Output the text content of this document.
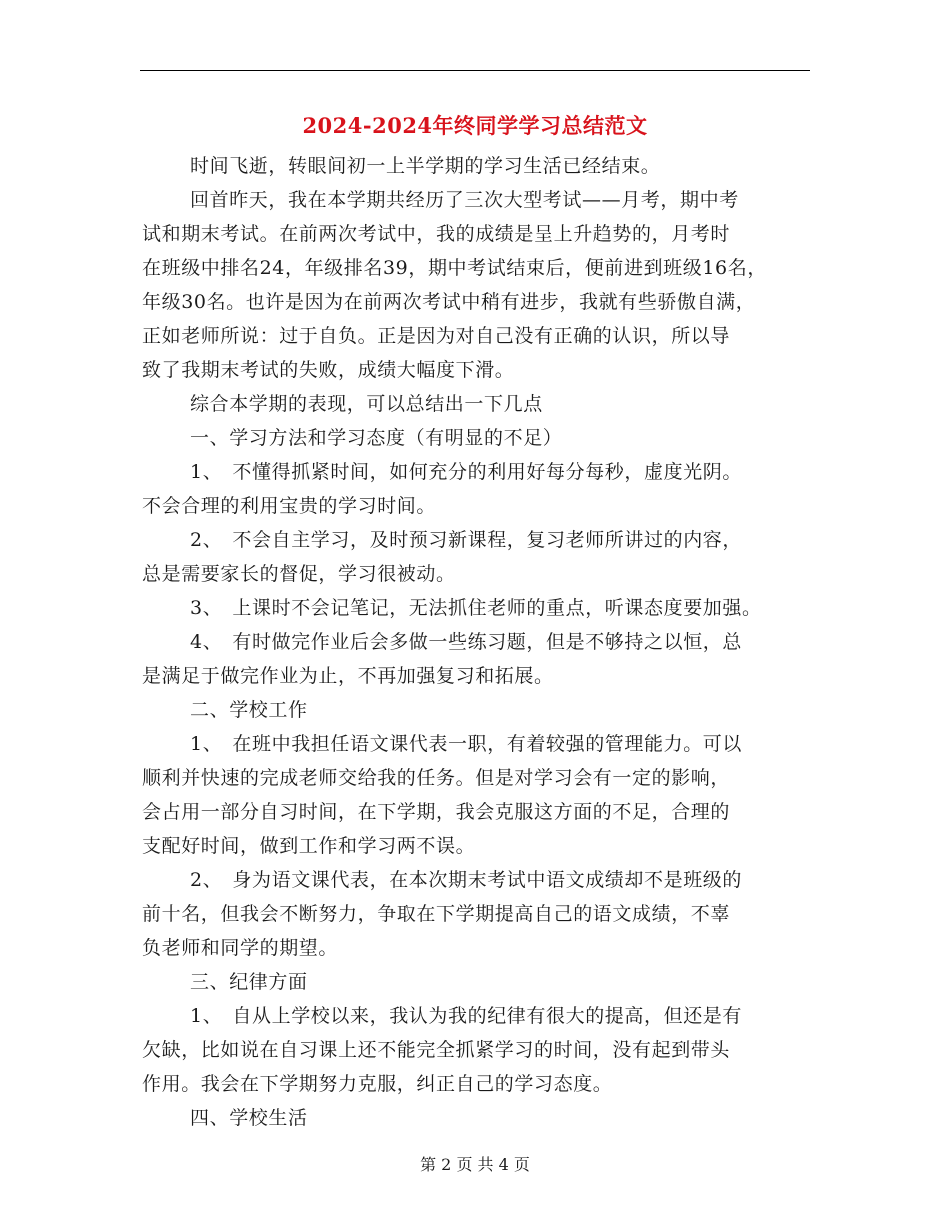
2024-2024年终同学学习总结范文
时间飞逝，转眼间初一上半学期的学习生活已经结束。
回首昨天，我在本学期共经历了三次大型考试——月考，期中考
试和期末考试。在前两次考试中，我的成绩是呈上升趋势的，月考时
在班级中排名24，年级排名39，期中考试结束后，便前进到班级16名，
年级30名。也许是因为在前两次考试中稍有进步，我就有些骄傲自满，
正如老师所说：过于自负。正是因为对自己没有正确的认识，所以导
致了我期末考试的失败，成绩大幅度下滑。
综合本学期的表现，可以总结出一下几点
一、学习方法和学习态度（有明显的不足）
1、　不懂得抓紧时间，如何充分的利用好每分每秒，虚度光阴。
不会合理的利用宝贵的学习时间。
2、　不会自主学习，及时预习新课程，复习老师所讲过的内容，
总是需要家长的督促，学习很被动。
3、　上课时不会记笔记，无法抓住老师的重点，听课态度要加强。
4、　有时做完作业后会多做一些练习题，但是不够持之以恒，总
是满足于做完作业为止，不再加强复习和拓展。
二、学校工作
1、　在班中我担任语文课代表一职，有着较强的管理能力。可以
顺利并快速的完成老师交给我的任务。但是对学习会有一定的影响，
会占用一部分自习时间，在下学期，我会克服这方面的不足，合理的
支配好时间，做到工作和学习两不误。
2、　身为语文课代表，在本次期末考试中语文成绩却不是班级的
前十名，但我会不断努力，争取在下学期提高自己的语文成绩，不辜
负老师和同学的期望。
三、纪律方面
1、　自从上学校以来，我认为我的纪律有很大的提高，但还是有
欠缺，比如说在自习课上还不能完全抓紧学习的时间，没有起到带头
作用。我会在下学期努力克服，纠正自己的学习态度。
四、学校生活
第 2 页 共 4 页
